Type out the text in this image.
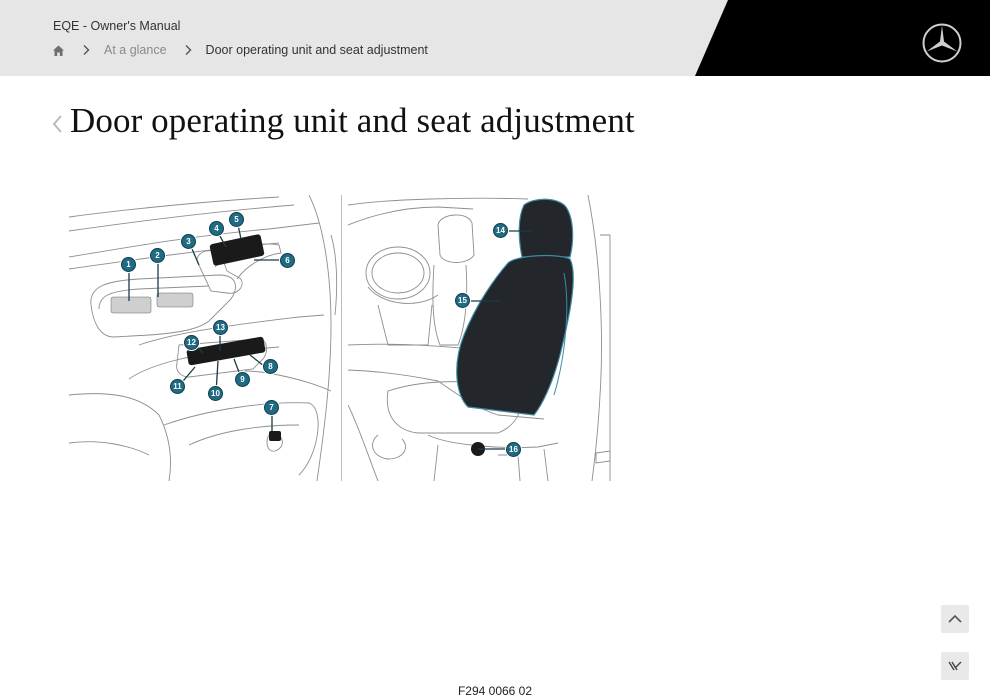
EQE - Owner's Manual
At a glance	Door operating unit and seat adjustment
Door operating unit and seat adjustment
1
2
3
4
5
6
7
8
9
10
11
12
13
14
15
16
F294 0066 02
